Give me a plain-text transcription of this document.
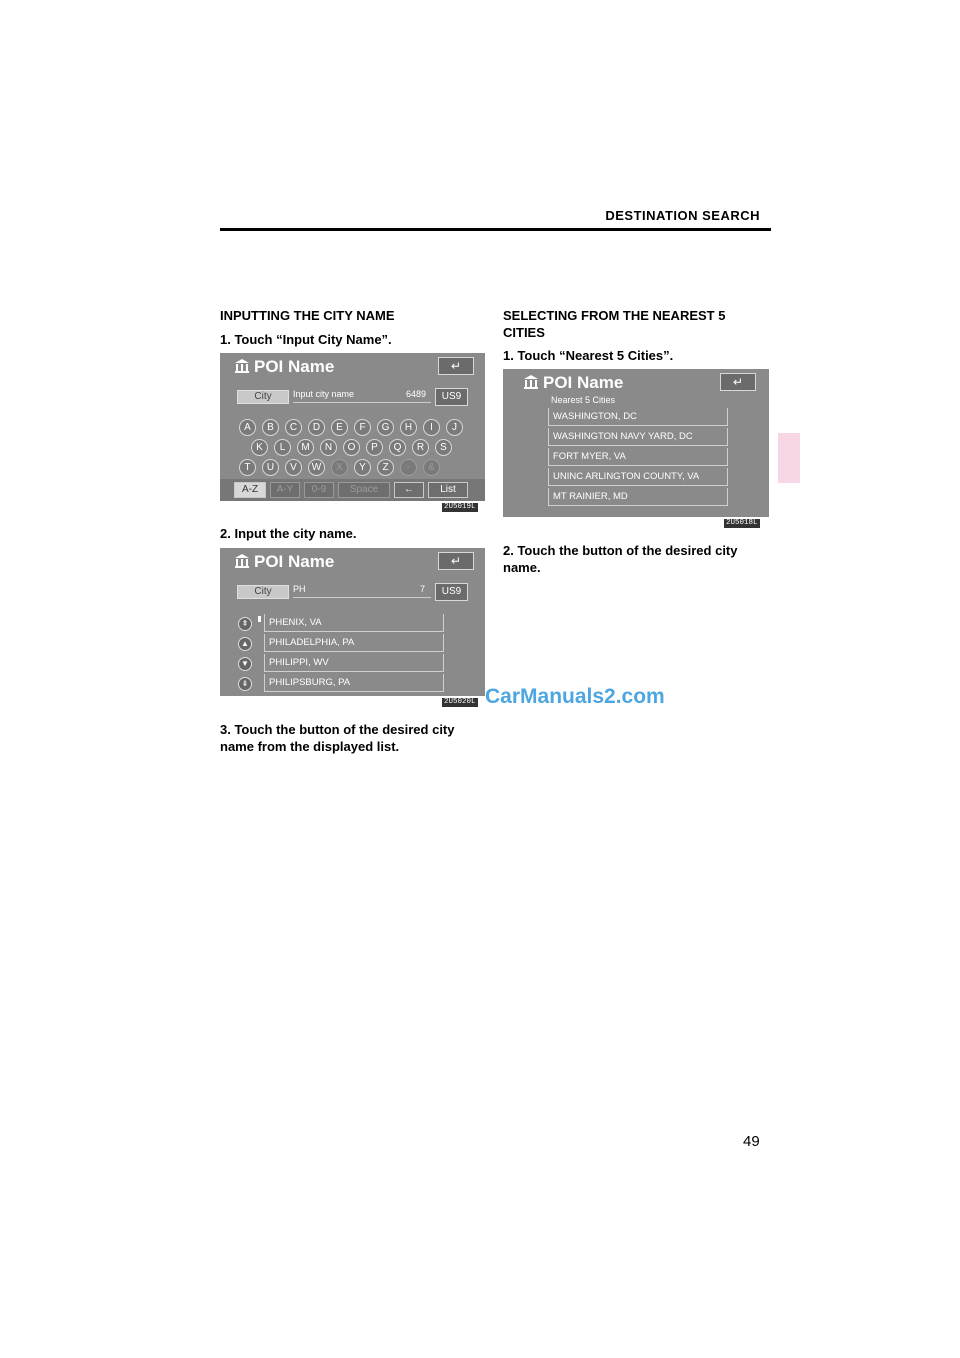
DESTINATION SEARCH
INPUTTING THE CITY NAME
1. Touch “Input City Name”.
POI Name	↵
City	Input city name	6489	US9
A	B	C	D	E	F	G	H	I	J
K	L	M	N	O	P	Q	R	S
T	U	V	W	X	Y	Z	-	&
A-Z	A-Y	0-9	Space	←	List
2U5019L
2. Input the city name.
POI Name	↵
City	PH	7	US9
⇞
▲
▼
⇟
PHENIX, VA
PHILADELPHIA, PA
PHILIPPI, WV
PHILIPSBURG, PA
2U5020L
3. Touch the button of the desired city
name from the displayed list.
SELECTING FROM THE NEAREST 5
CITIES
1. Touch “Nearest 5 Cities”.
POI Name	↵
Nearest 5 Cities
WASHINGTON, DC
WASHINGTON NAVY YARD, DC
FORT MYER, VA
UNINC ARLINGTON COUNTY, VA
MT RAINIER, MD
2U5018L
2. Touch the button of the desired city
name.
CarManuals2.com
49
